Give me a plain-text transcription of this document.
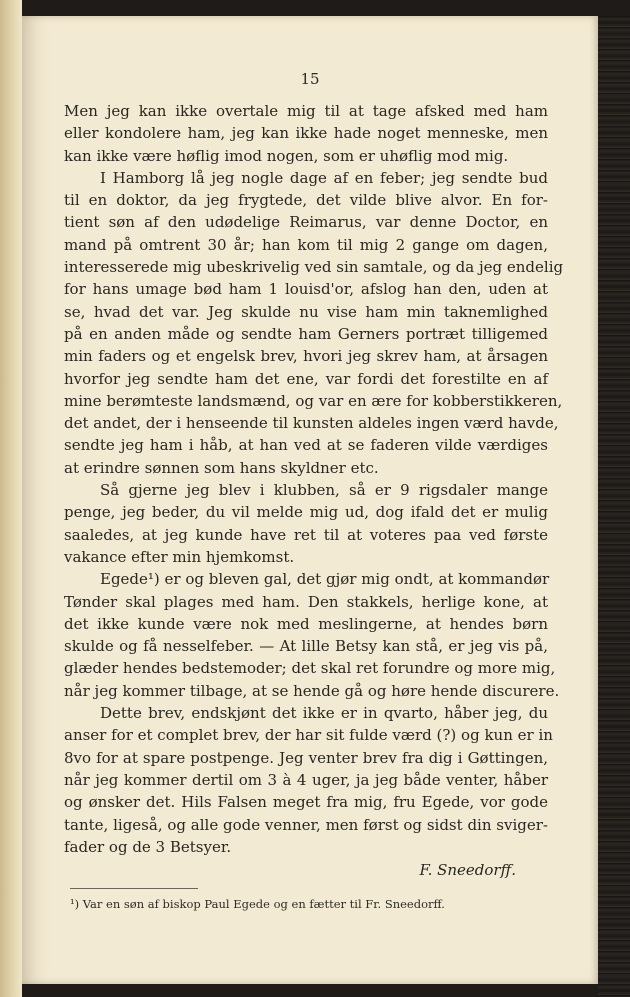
15
Men jeg kan ikke overtale mig til at tage afsked med ham
eller kondolere ham, jeg kan ikke hade noget menneske, men
kan ikke være høflig imod nogen, som er uhøflig mod mig.
I Hamborg lå jeg nogle dage af en feber; jeg sendte bud
til en doktor, da jeg frygtede, det vilde blive alvor. En for-
tient søn af den udødelige Reimarus, var denne Doctor, en
mand på omtrent 30 år; han kom til mig 2 gange om dagen,
interesserede mig ubeskrivelig ved sin samtale, og da jeg endelig
for hans umage bød ham 1 louisd'or, afslog han den, uden at
se, hvad det var. Jeg skulde nu vise ham min taknemlighed
på en anden måde og sendte ham Gerners portræt tilligemed
min faders og et engelsk brev, hvori jeg skrev ham, at årsagen
hvorfor jeg sendte ham det ene, var fordi det forestilte en af
mine berømteste landsmænd, og var en ære for kobberstikkeren,
det andet, der i henseende til kunsten aldeles ingen værd havde,
sendte jeg ham i håb, at han ved at se faderen vilde værdiges
at erindre sønnen som hans skyldner etc.
Så gjerne jeg blev i klubben, så er 9 rigsdaler mange
penge, jeg beder, du vil melde mig ud, dog ifald det er mulig
saaledes, at jeg kunde have ret til at voteres paa ved første
vakance efter min hjemkomst.
Egede¹) er og bleven gal, det gjør mig ondt, at kommandør
Tønder skal plages med ham. Den stakkels, herlige kone, at
det ikke kunde være nok med meslingerne, at hendes børn
skulde og få nesselfeber. — At lille Betsy kan stå, er jeg vis på,
glæder hendes bedstemoder; det skal ret forundre og more mig,
når jeg kommer tilbage, at se hende gå og høre hende discurere.
Dette brev, endskjønt det ikke er in qvarto, håber jeg, du
anser for et complet brev, der har sit fulde værd (?) og kun er in
8vo for at spare postpenge. Jeg venter brev fra dig i Gøttingen,
når jeg kommer dertil om 3 à 4 uger, ja jeg både venter, håber
og ønsker det. Hils Falsen meget fra mig, fru Egede, vor gode
tante, ligeså, og alle gode venner, men først og sidst din sviger-
fader og de 3 Betsyer.
F. Sneedorff.
¹) Var en søn af biskop Paul Egede og en fætter til Fr. Sneedorff.
